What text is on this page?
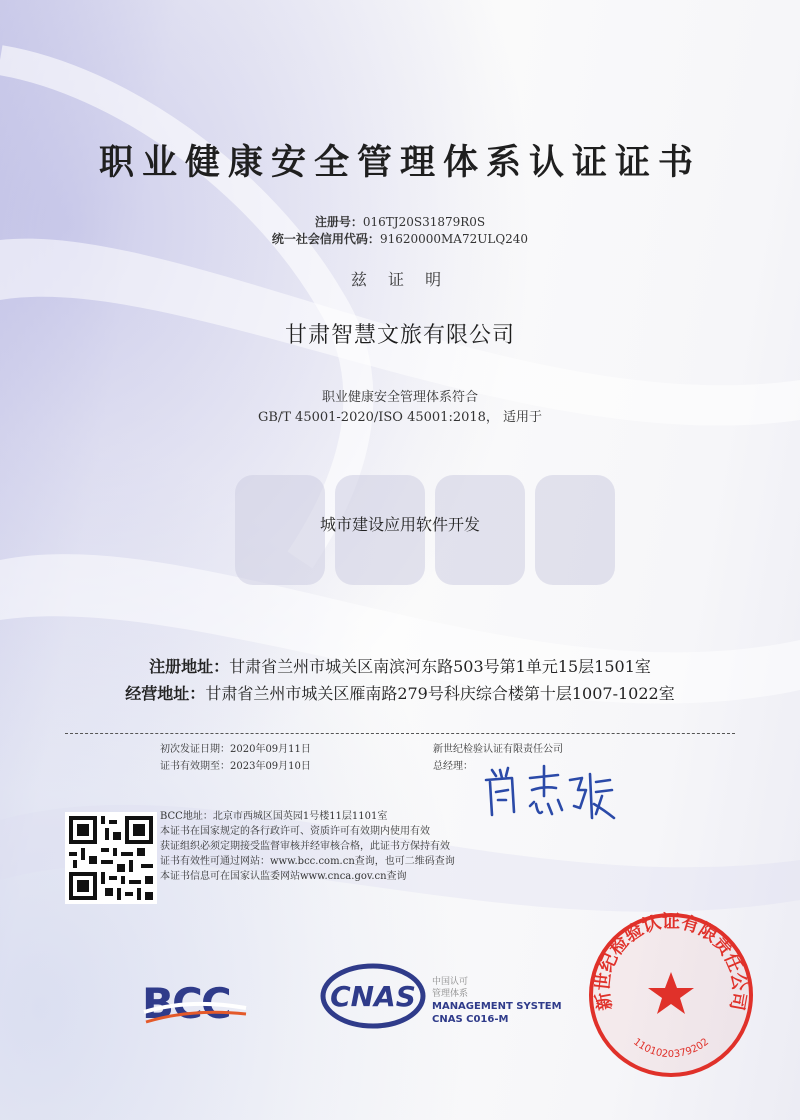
职业健康安全管理体系认证证书
注册号：016TJ20S31879R0S
统一社会信用代码：91620000MA72ULQ240
兹 证 明
甘肃智慧文旅有限公司
职业健康安全管理体系符合
GB/T 45001-2020/ISO 45001:2018， 适用于
城市建设应用软件开发
注册地址：甘肃省兰州市城关区南滨河东路503号第1单元15层1501室
经营地址：甘肃省兰州市城关区雁南路279号科庆综合楼第十层1007-1022室
初次发证日期：2020年09月11日
证书有效期至：2023年09月10日
新世纪检验认证有限责任公司
总经理：
BCC地址：北京市西城区国英园1号楼11层1101室
本证书在国家规定的各行政许可、资质许可有效期内使用有效
获证组织必须定期接受监督审核并经审核合格，此证书方保持有效
证书有效性可通过网站：www.bcc.com.cn查询，也可二维码查询
本证书信息可在国家认监委网站www.cnca.gov.cn查询
BCC	CNAS 中国认可
管理体系
MANAGEMENT SYSTEM
CNAS C016-M
新世纪检验认证有限责任公司
1101020379202
